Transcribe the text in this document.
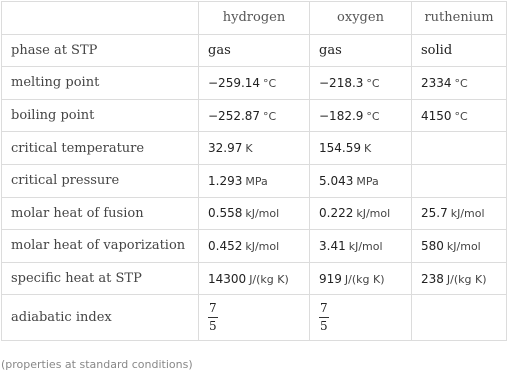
	hydrogen	oxygen	ruthenium
phase at STP	gas	gas	solid
melting point	−259.14 °C	−218.3 °C	2334 °C
boiling point	−252.87 °C	−182.9 °C	4150 °C
critical temperature	32.97 K	154.59 K	
critical pressure	1.293 MPa	5.043 MPa	
molar heat of fusion	0.558 kJ/mol	0.222 kJ/mol	25.7 kJ/mol
molar heat of vaporization	0.452 kJ/mol	3.41 kJ/mol	580 kJ/mol
specific heat at STP	14300 J/(kg K)	919 J/(kg K)	238 J/(kg K)
adiabatic index	$\frac{7}{5}$	$\frac{7}{5}$

(properties at standard conditions)
